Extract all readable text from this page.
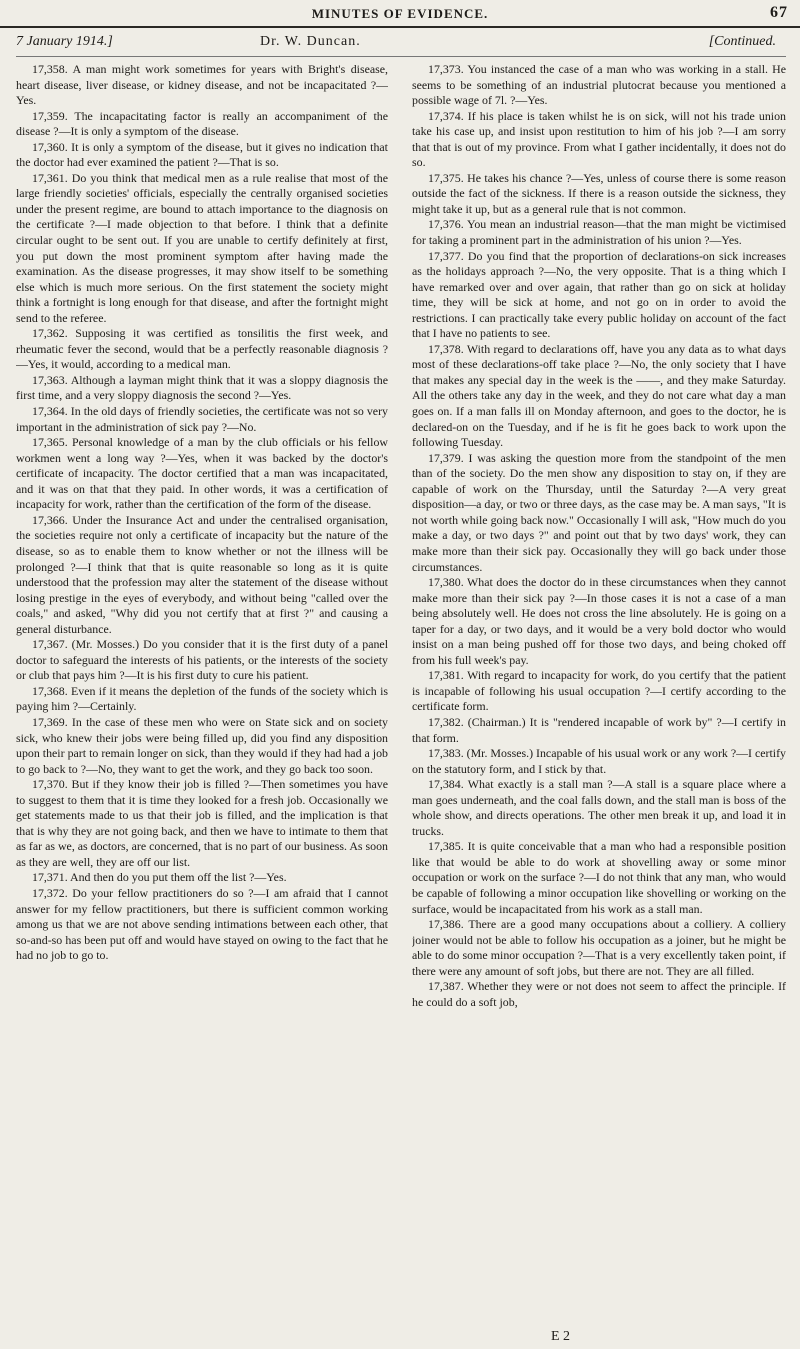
MINUTES OF EVIDENCE.	67
7 January 1914.]	Dr. W. Duncan.	[Continued.

17,358. A man might work sometimes for years with Bright's disease, heart disease, liver disease, or kidney disease, and not be incapacitated ?—Yes.

17,359. The incapacitating factor is really an accompaniment of the disease ?—It is only a symptom of the disease.

17,360. It is only a symptom of the disease, but it gives no indication that the doctor had ever examined the patient ?—That is so.

17,361. Do you think that medical men as a rule realise that most of the large friendly societies' officials, especially the centrally organised societies under the present regime, are bound to attach importance to the diagnosis on the certificate ?—I made objection to that before. I think that a definite circular ought to be sent out. If you are unable to certify definitely at first, you put down the most prominent symptom after having made the examination. As the disease progresses, it may show itself to be something else which is much more serious. On the first statement the society might think a fortnight is long enough for that disease, and after the fortnight might send to the referee.

17,362. Supposing it was certified as tonsilitis the first week, and rheumatic fever the second, would that be a perfectly reasonable diagnosis ?—Yes, it would, according to a medical man.

17,363. Although a layman might think that it was a sloppy diagnosis the first time, and a very sloppy diagnosis the second ?—Yes.

17,364. In the old days of friendly societies, the certificate was not so very important in the administration of sick pay ?—No.

17,365. Personal knowledge of a man by the club officials or his fellow workmen went a long way ?—Yes, when it was backed by the doctor's certificate of incapacity. The doctor certified that a man was incapacitated, and it was on that that they paid. In other words, it was a certification of incapacity for work, rather than the certification of the form of the disease.

17,366. Under the Insurance Act and under the centralised organisation, the societies require not only a certificate of incapacity but the nature of the disease, so as to enable them to know whether or not the illness will be prolonged ?—I think that that is quite reasonable so long as it is quite understood that the profession may alter the statement of the disease without losing prestige in the eyes of everybody, and without being "called over the coals," and asked, "Why did you not certify that at first ?" and causing a general disturbance.

17,367. (Mr. Mosses.) Do you consider that it is the first duty of a panel doctor to safeguard the interests of his patients, or the interests of the society or club that pays him ?—It is his first duty to cure his patient.

17,368. Even if it means the depletion of the funds of the society which is paying him ?—Certainly.

17,369. In the case of these men who were on State sick and on society sick, who knew their jobs were being filled up, did you find any disposition upon their part to remain longer on sick, than they would if they had had a job to go back to ?—No, they want to get the work, and they go back too soon.

17,370. But if they know their job is filled ?—Then sometimes you have to suggest to them that it is time they looked for a fresh job. Occasionally we get statements made to us that their job is filled, and the implication is that that is why they are not going back, and then we have to intimate to them that as far as we, as doctors, are concerned, that is no part of our business. As soon as they are well, they are off our list.

17,371. And then do you put them off the list ?—Yes.

17,372. Do your fellow practitioners do so ?—I am afraid that I cannot answer for my fellow practitioners, but there is sufficient common working among us that we are not above sending intimations between each other, that so-and-so has been put off and would have stayed on owing to the fact that he had no job to go to.

17,373. You instanced the case of a man who was working in a stall. He seems to be something of an industrial plutocrat because you mentioned a possible wage of 7l. ?—Yes.

17,374. If his place is taken whilst he is on sick, will not his trade union take his case up, and insist upon restitution to him of his job ?—I am sorry that that is out of my province. From what I gather incidentally, it does not do so.

17,375. He takes his chance ?—Yes, unless of course there is some reason outside the fact of the sickness. If there is a reason outside the sickness, they might take it up, but as a general rule that is not common.

17,376. You mean an industrial reason—that the man might be victimised for taking a prominent part in the administration of his union ?—Yes.

17,377. Do you find that the proportion of declarations-on sick increases as the holidays approach ?—No, the very opposite. That is a thing which I have remarked over and over again, that rather than go on sick at holiday time, they will be sick at home, and not go on in order to avoid the restrictions. I can practically take every public holiday on account of the fact that I have no patients to see.

17,378. With regard to declarations off, have you any data as to what days most of these declarations-off take place ?—No, the only society that I have that makes any special day in the week is the ——, and they make Saturday. All the others take any day in the week, and they do not care what day a man goes on. If a man falls ill on Monday afternoon, and goes to the doctor, he is declared-on on the Tuesday, and if he is fit he goes back to work upon the following Tuesday.

17,379. I was asking the question more from the standpoint of the men than of the society. Do the men show any disposition to stay on, if they are capable of work on the Thursday, until the Saturday ?—A very great disposition—a day, or two or three days, as the case may be. A man says, "It is not worth while going back now." Occasionally I will ask, "How much do you make a day, or two days ?" and point out that by two days' work, they can make more than their sick pay. Occasionally they will go back under those circumstances.

17,380. What does the doctor do in these circumstances when they cannot make more than their sick pay ?—In those cases it is not a case of a man being absolutely well. He does not cross the line absolutely. He is going on a taper for a day, or two days, and it would be a very bold doctor who would insist on a man being pushed off for those two days, and being choked off from his full week's pay.

17,381. With regard to incapacity for work, do you certify that the patient is incapable of following his usual occupation ?—I certify according to the certificate form.

17,382. (Chairman.) It is "rendered incapable of work by" ?—I certify in that form.

17,383. (Mr. Mosses.) Incapable of his usual work or any work ?—I certify on the statutory form, and I stick by that.

17,384. What exactly is a stall man ?—A stall is a square place where a man goes underneath, and the coal falls down, and the stall man is boss of the whole show, and directs operations. The other men break it up, and load it in trucks.

17,385. It is quite conceivable that a man who had a responsible position like that would be able to do work at shovelling away or some minor occupation or work on the surface ?—I do not think that any man, who would be capable of following a minor occupation like shovelling or working on the surface, would be incapacitated from his work as a stall man.

17,386. There are a good many occupations about a colliery. A colliery joiner would not be able to follow his occupation as a joiner, but he might be able to do some minor occupation ?—That is a very excellently taken point, if there were any amount of soft jobs, but there are not. They are all filled.

17,387. Whether they were or not does not seem to affect the principle. If he could do a soft job,

E 2
